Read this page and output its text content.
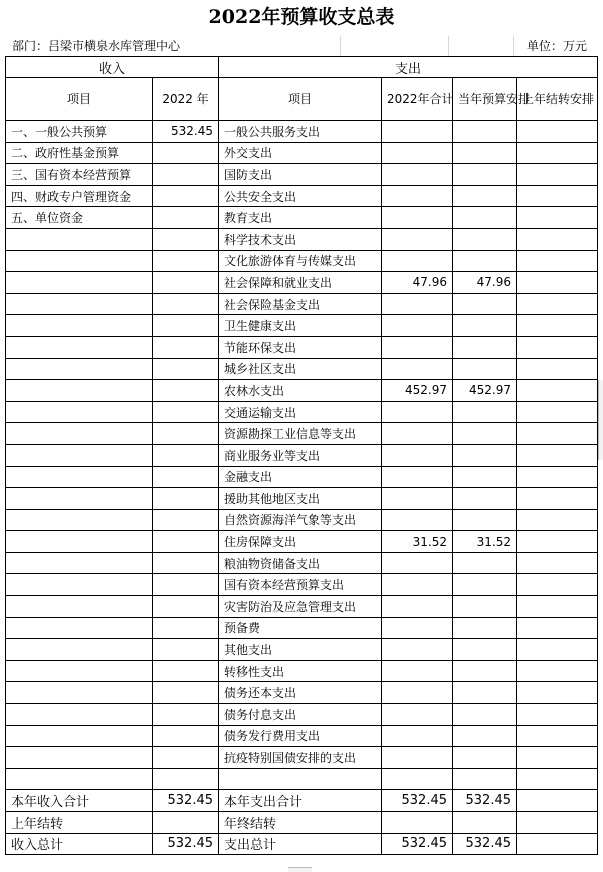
2022年预算收支总表
部门：吕梁市横泉水库管理中心	单位：万元
收入		支出			
项目	2022 年	项目	2022年合计	当年预算安排	上年结转安排
一、一般公共预算	532.45	一般公共服务支出			
二、政府性基金预算		外交支出			
三、国有资本经营预算		国防支出			
四、财政专户管理资金		公共安全支出			
五、单位资金		教育支出			
		科学技术支出			
		文化旅游体育与传媒支出			
		社会保障和就业支出	47.96	47.96	
		社会保险基金支出			
		卫生健康支出			
		节能环保支出			
		城乡社区支出			
		农林水支出	452.97	452.97	
		交通运输支出			
		资源勘探工业信息等支出			
		商业服务业等支出			
		金融支出			
		援助其他地区支出			
		自然资源海洋气象等支出			
		住房保障支出	31.52	31.52	
		粮油物资储备支出			
		国有资本经营预算支出			
		灾害防治及应急管理支出			
		预备费			
		其他支出			
		转移性支出			
		债务还本支出			
		债务付息支出			
		债务发行费用支出			
		抗疫特别国债安排的支出			

本年收入合计	532.45	本年支出合计	532.45	532.45	
上年结转		年终结转			
收入总计	532.45	支出总计	532.45	532.45	
